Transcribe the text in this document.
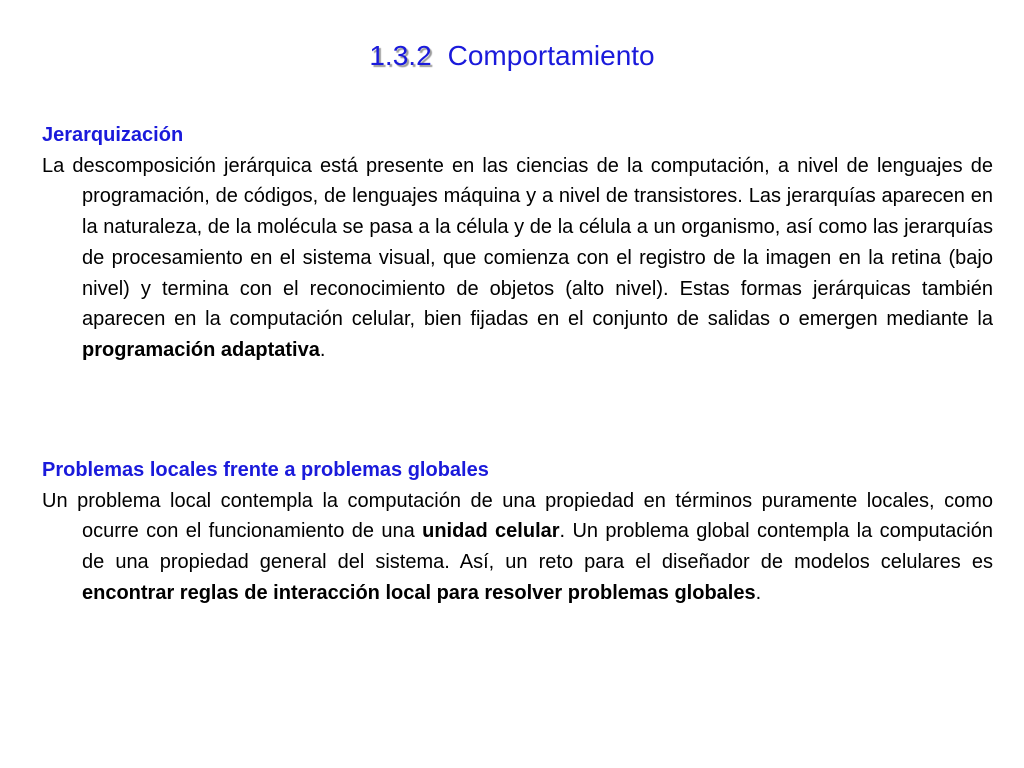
1.3.2 Comportamiento
Jerarquización
La descomposición jerárquica está presente en las ciencias de la computación, a nivel de lenguajes de programación, de códigos, de lenguajes máquina y a nivel de transistores. Las jerarquías aparecen en la naturaleza, de la molécula se pasa a la célula y de la célula a un organismo, así como las jerarquías de procesamiento en el sistema visual, que comienza con el registro de la imagen en la retina (bajo nivel) y termina con el reconocimiento de objetos (alto nivel). Estas formas jerárquicas también aparecen en la computación celular, bien fijadas en el conjunto de salidas o emergen mediante la programación adaptativa.
Problemas locales frente a problemas globales
Un problema local contempla la computación de una propiedad en términos puramente locales, como ocurre con el funcionamiento de una unidad celular. Un problema global contempla la computación de una propiedad general del sistema. Así, un reto para el diseñador de modelos celulares es encontrar reglas de interacción local para resolver problemas globales.
